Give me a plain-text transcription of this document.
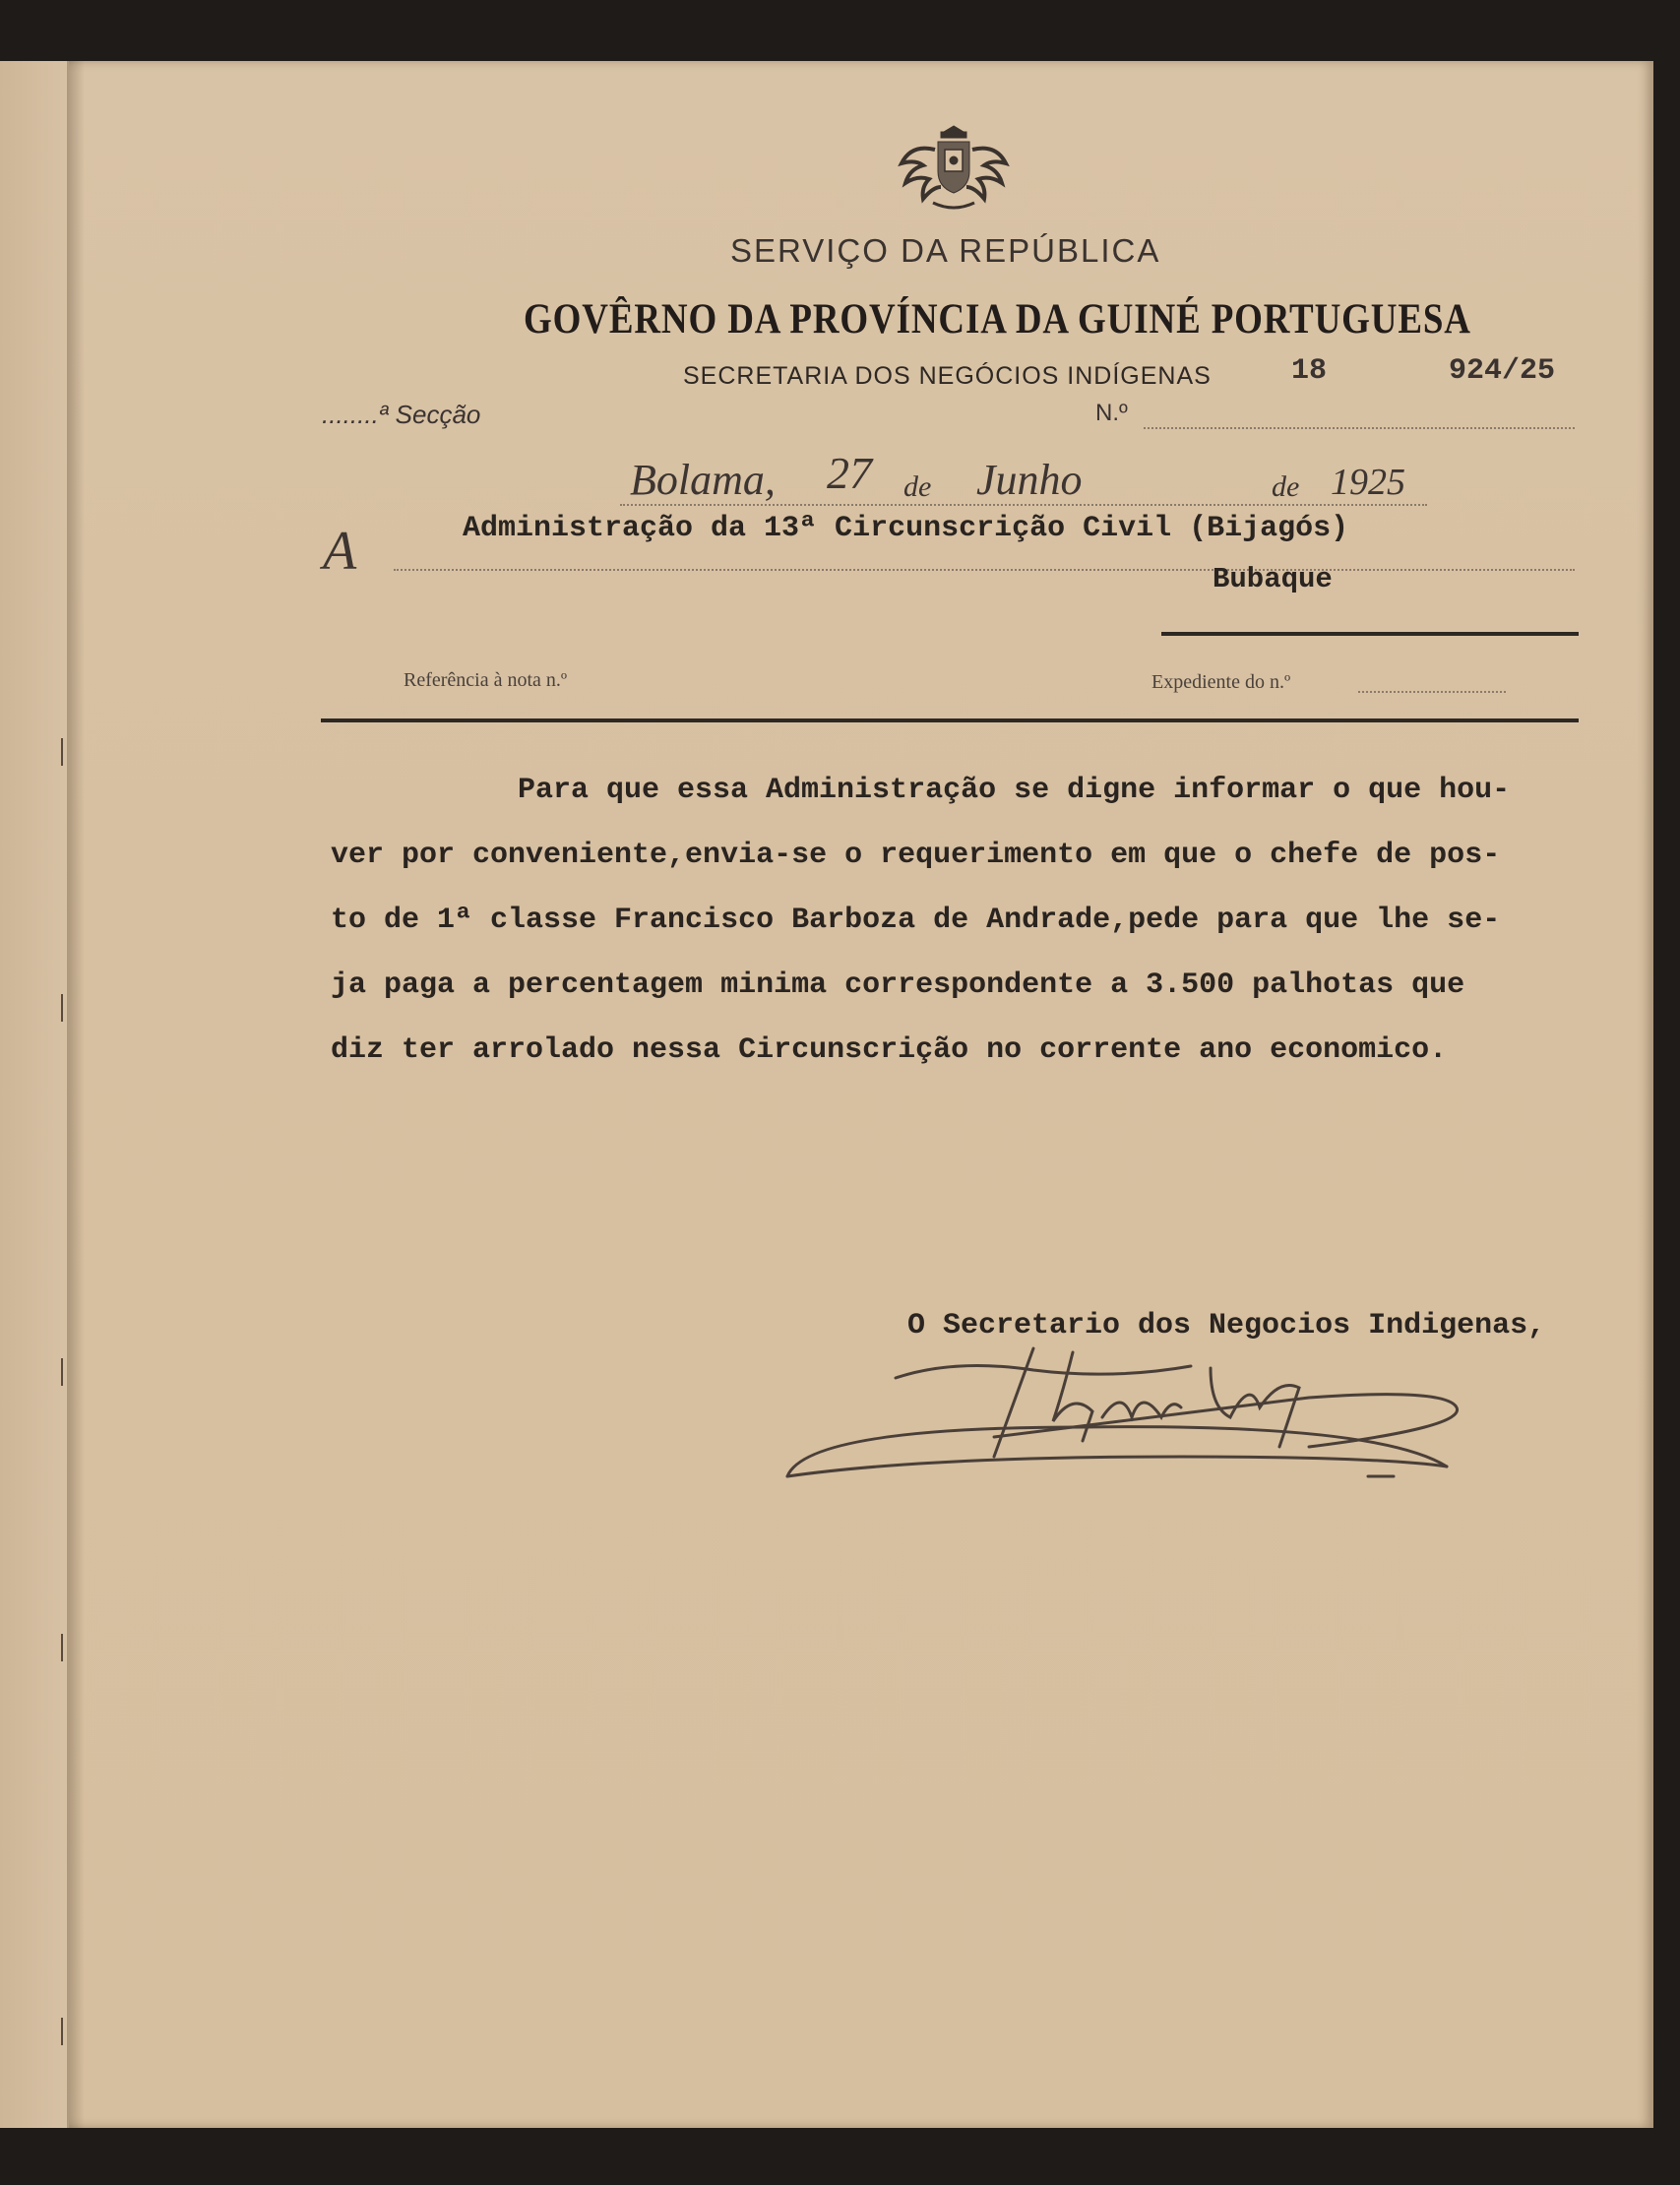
SERVIÇO DA REPÚBLICA
GOVÊRNO DA PROVÍNCIA DA GUINÉ PORTUGUESA
SECRETARIA DOS NEGÓCIOS INDÍGENAS	18	924/25
........ª Secção	N.º
Bolama, 27 de Junho	de 1925
A	Administração da 13ª Circunscrição Civil (Bijagós)
Bubaque
Referência à nota n.º	Expediente do n.º
Para que essa Administração se digne informar o que hou-
ver por conveniente,envia-se o requerimento em que o chefe de pos-
to de 1ª classe Francisco Barboza de Andrade,pede para que lhe se-
ja paga a percentagem minima correspondente a 3.500 palhotas que
diz ter arrolado nessa Circunscrição no corrente ano economico.
O Secretario dos Negocios Indigenas,
